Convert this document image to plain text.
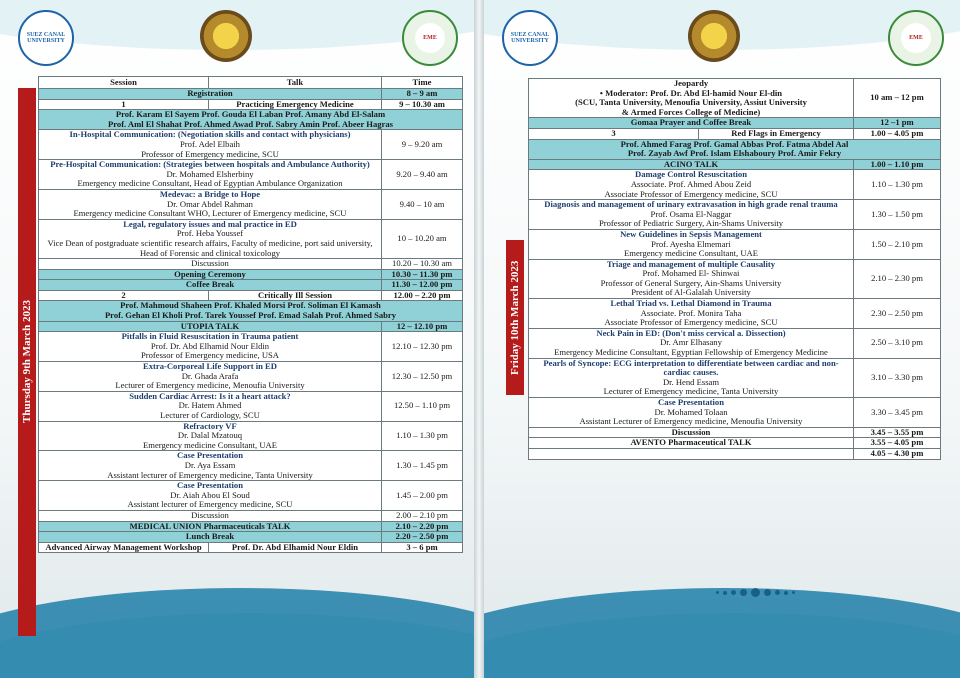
SUEZ CANAL UNIVERSITY	EME
Thursday 9th March 2023
Session	Talk	Time
Registration		8 – 9 am
1	Practicing Emergency Medicine	9 – 10.30 am

Prof. Karam El Sayem Prof. Gouda El Laban Prof. Amany Abd El-Salam
Prof. Aml El Shahat Prof. Ahmed Awad Prof. Sabry Amin Prof. Abeer Hagras		

In-Hospital Communication: (Negotiation skills and contact with physicians)
Prof. Adel Elbaih
Professor of Emergency medicine, SCU		9 – 9.20 am

Pre-Hospital Communication: (Strategies between hospitals and Ambulance Authority)
Dr. Mohamed Elsherbiny
Emergency medicine Consultant, Head of Egyptian Ambulance Organization		9.20 – 9.40 am

Medevac: a Bridge to Hope
Dr. Omar Abdel Rahman
Emergency medicine Consultant WHO, Lecturer of Emergency medicine, SCU		9.40 – 10 am

Legal, regulatory issues and mal practice in ED
Prof. Heba Youssef
Vice Dean of postgraduate scientific research affairs, Faculty of medicine, port said university, Head of Forensic and clinical toxicology		10 – 10.20 am
Discussion		10.20 – 10.30 am
Opening Ceremony		10.30 – 11.30 pm
Coffee Break		11.30 – 12.00 pm
2	Critically Ill Session	12.00 – 2.20 pm

Prof. Mahmoud Shaheen Prof. Khaled Morsi Prof. Soliman El Kamash
Prof. Gehan El Kholi Prof. Tarek Youssef Prof. Emad Salah Prof. Ahmed Sabry		

UTOPIA TALK		12 – 12.10 pm

Pitfalls in Fluid Resuscitation in Trauma patient
Prof. Dr. Abd Elhamid Nour Eldin
Professor of Emergency medicine, USA		12.10 – 12.30 pm

Extra-Corporeal Life Support in ED
Dr. Ghada Arafa
Lecturer of Emergency medicine, Menoufia University		12.30 – 12.50 pm

Sudden Cardiac Arrest: Is it a heart attack?
Dr. Hatem Ahmed
Lecturer of Cardiology, SCU		12.50 – 1.10 pm

Refractory VF
Dr. Dalal Mzatouq
Emergency medicine Consultant, UAE		1.10 – 1.30 pm

Case Presentation
Dr. Aya Essam
Assistant lecturer of Emergency medicine, Tanta University		1.30 – 1.45 pm

Case Presentation
Dr. Aiah Abou El Soud
Assistant lecturer of Emergency medicine, SCU		1.45 – 2.00 pm
Discussion		2.00 – 2.10 pm
MEDICAL UNION Pharmaceuticals TALK		2.10 – 2.20 pm
Lunch Break		2.20 – 2.50 pm
Advanced Airway Management Workshop	Prof. Dr. Abd Elhamid Nour Eldin	3 – 6 pm
SUEZ CANAL UNIVERSITY	EME
Friday 10th March 2023
Jeopardy
• Moderator: Prof. Dr. Abd El-hamid Nour El-din
(SCU, Tanta University, Menoufia University, Assiut University
& Armed Forces College of Medicine)		10 am – 12 pm
Gomaa Prayer and Coffee Break		12 –1 pm
3	Red Flags in Emergency	1.00 – 4.05 pm

Prof. Ahmed Farag Prof. Gamal Abbas Prof. Fatma Abdel Aal
Prof. Zayab Awf Prof. Islam Elshaboury Prof. Amir Fekry		

ACINO TALK		1.00 – 1.10 pm

Damage Control Resuscitation
Associate. Prof. Ahmed Abou Zeid
Associate Professor of Emergency medicine, SCU		1.10 – 1.30 pm

Diagnosis and management of urinary extravasation in high grade renal trauma
Prof. Osama El-Naggar
Professor of Pediatric Surgery, Ain-Shams University		1.30 – 1.50 pm

New Guidelines in Sepsis Management
Prof. Ayesha Elmemari
Emergency medicine Consultant, UAE		1.50 – 2.10 pm

Triage and management of multiple Causality
Prof. Mohamed El- Shinwai
Professor of General Surgery, Ain-Shams University
President of Al-Galalah University		2.10 – 2.30 pm

Lethal Triad vs. Lethal Diamond in Trauma
Associate. Prof. Monira Taha
Associate Professor of Emergency medicine, SCU		2.30 – 2.50 pm

Neck Pain in ED: (Don't miss cervical a. Dissection)
Dr. Amr Elhasany
Emergency Medicine Consultant, Egyptian Fellowship of Emergency Medicine		2.50 – 3.10 pm

Pearls of Syncope: ECG interpretation to differentiate between cardiac and non-cardiac causes.
Dr. Hend Essam
Lecturer of Emergency medicine, Tanta University		3.10 – 3.30 pm

Case Presentation
Dr. Mohamed Tolaan
Assistant Lecturer of Emergency medicine, Menoufia University		3.30 – 3.45 pm
Discussion		3.45 – 3.55 pm
AVENTO Pharmaceutical TALK		3.55 – 4.05 pm
		4.05 – 4.30 pm
